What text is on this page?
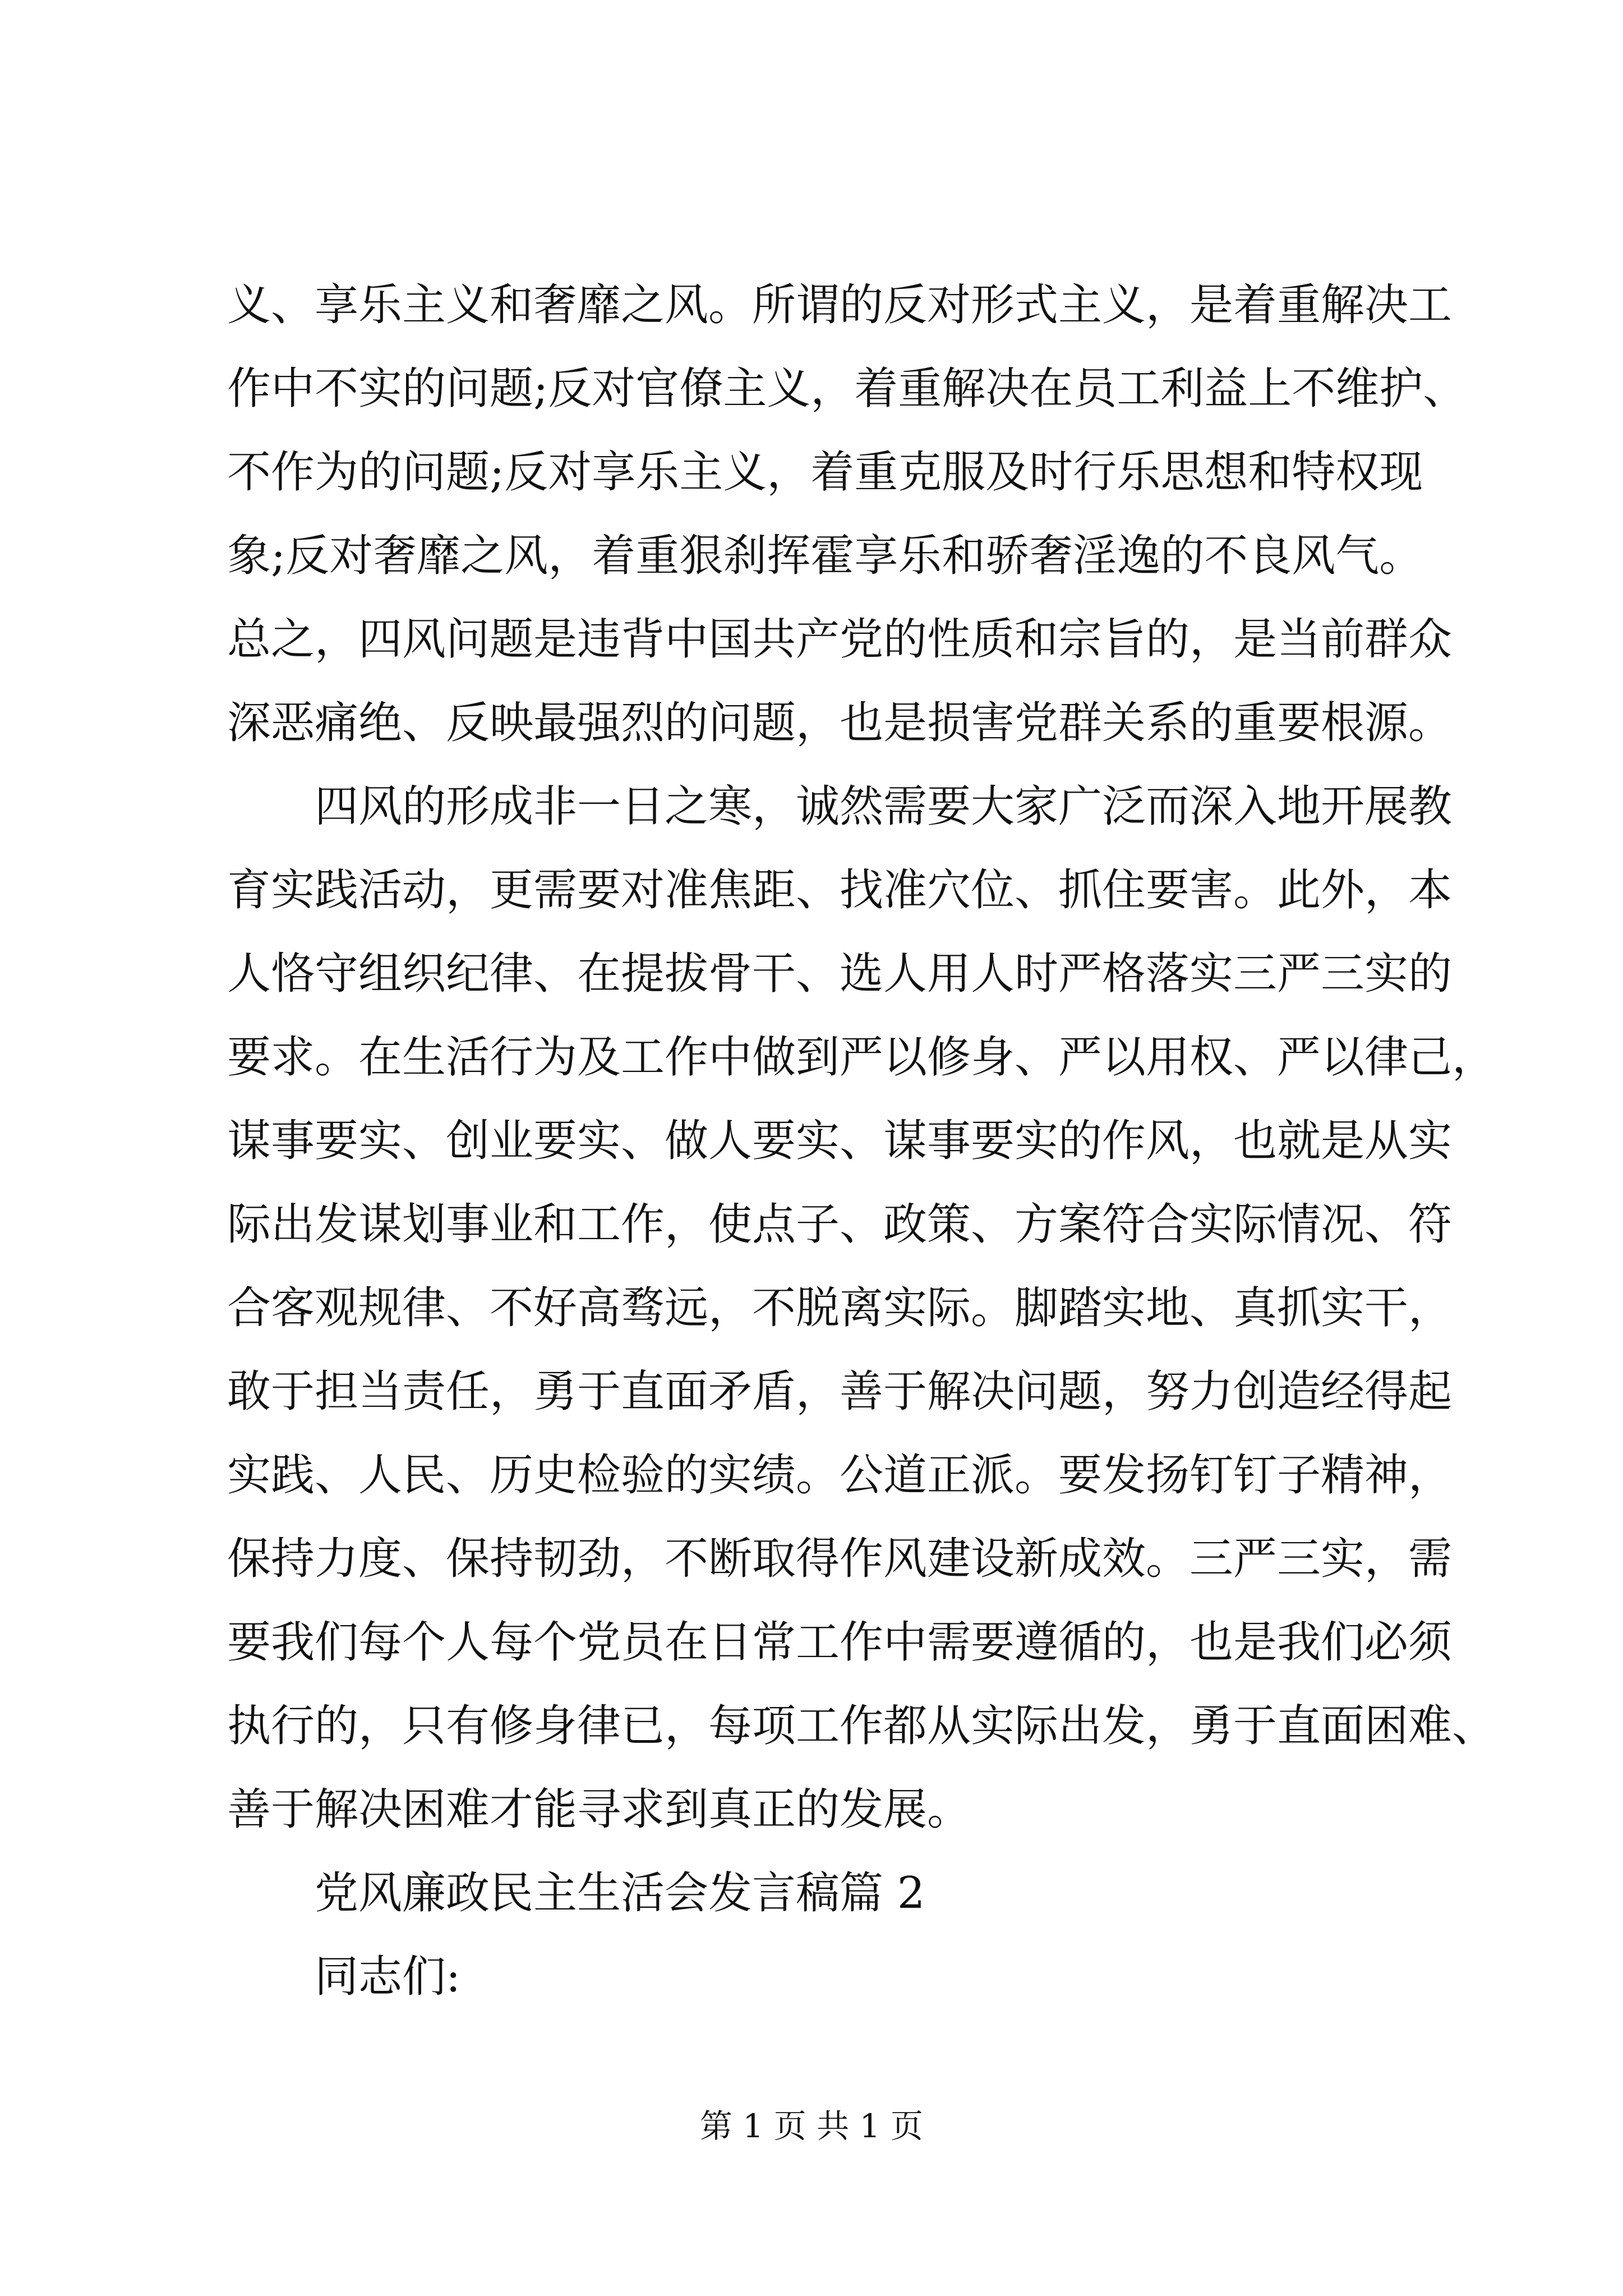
义、享乐主义和奢靡之风。所谓的反对形式主义，是着重解决工
作中不实的问题;反对官僚主义，着重解决在员工利益上不维护、
不作为的问题;反对享乐主义，着重克服及时行乐思想和特权现
象;反对奢靡之风，着重狠刹挥霍享乐和骄奢淫逸的不良风气。
总之，四风问题是违背中国共产党的性质和宗旨的，是当前群众
深恶痛绝、反映最强烈的问题，也是损害党群关系的重要根源。
四风的形成非一日之寒，诚然需要大家广泛而深入地开展教
育实践活动，更需要对准焦距、找准穴位、抓住要害。此外，本
人恪守组织纪律、在提拔骨干、选人用人时严格落实三严三实的
要求。在生活行为及工作中做到严以修身、严以用权、严以律己，
谋事要实、创业要实、做人要实、谋事要实的作风，也就是从实
际出发谋划事业和工作，使点子、政策、方案符合实际情况、符
合客观规律、不好高骛远，不脱离实际。脚踏实地、真抓实干，
敢于担当责任，勇于直面矛盾，善于解决问题，努力创造经得起
实践、人民、历史检验的实绩。公道正派。要发扬钉钉子精神，
保持力度、保持韧劲，不断取得作风建设新成效。三严三实，需
要我们每个人每个党员在日常工作中需要遵循的，也是我们必须
执行的，只有修身律已，每项工作都从实际出发，勇于直面困难、
善于解决困难才能寻求到真正的发展。
党风廉政民主生活会发言稿篇 2
同志们:
第 1 页 共 1 页
